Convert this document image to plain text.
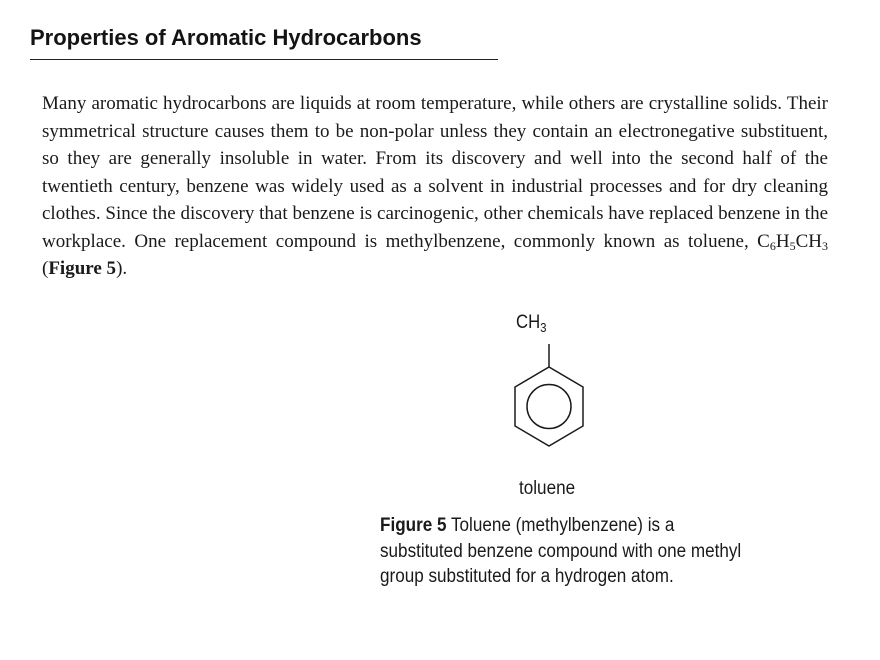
Properties of Aromatic Hydrocarbons

Many aromatic hydrocarbons are liquids at room temperature, while others are crystalline solids. Their symmetrical structure causes them to be non-polar unless they contain an electronegative substituent, so they are generally insoluble in water. From its discovery and well into the second half of the twentieth century, benzene was widely used as a solvent in industrial processes and for dry cleaning clothes. Since the discovery that benzene is carcinogenic, other chemicals have replaced benzene in the workplace. One replacement compound is methylbenzene, commonly known as toluene, $C_6H_5CH_3$ (Figure 5).

$CH_3$
toluene

Figure 5 Toluene (methylbenzene) is a substituted benzene compound with one methyl group substituted for a hydrogen atom.
